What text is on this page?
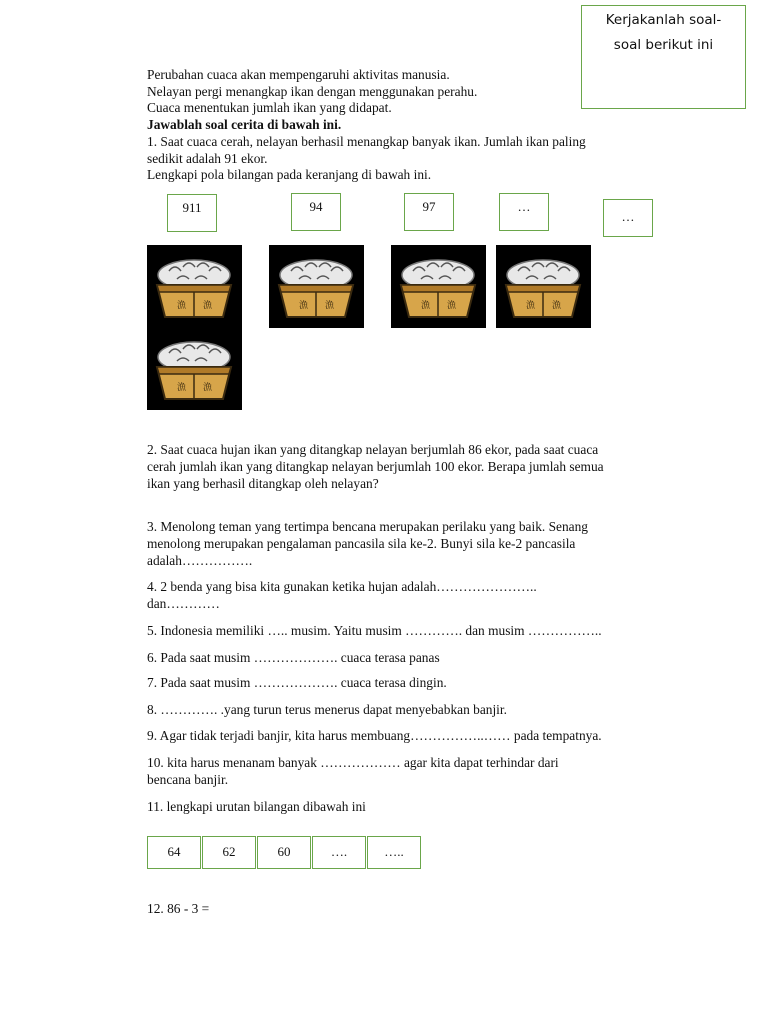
Kerjakanlah soal-
soal berikut ini
Perubahan cuaca akan mempengaruhi aktivitas manusia.
Nelayan pergi menangkap ikan dengan menggunakan perahu.
Cuaca menentukan jumlah ikan yang didapat.
Jawablah soal cerita di bawah ini.
1. Saat cuaca cerah, nelayan berhasil menangkap banyak ikan. Jumlah ikan paling
sedikit adalah 91 ekor.
Lengkapi pola bilangan pada keranjang di bawah ini.
911	94	97	…
…
漁 漁	漁 漁	漁 漁	漁 漁
漁 漁
2. Saat cuaca hujan ikan yang ditangkap nelayan berjumlah 86 ekor, pada saat cuaca
cerah jumlah ikan yang ditangkap nelayan berjumlah 100 ekor. Berapa jumlah semua
ikan yang berhasil ditangkap oleh nelayan?
3. Menolong teman yang tertimpa bencana merupakan perilaku yang baik. Senang
menolong merupakan pengalaman pancasila sila ke-2. Bunyi sila ke-2 pancasila
adalah…………….
4. 2 benda yang bisa kita gunakan ketika hujan adalah…………………..
dan…………
5. Indonesia memiliki ….. musim. Yaitu musim …………. dan musim ……………..
6. Pada saat musim ………………. cuaca terasa panas
7. Pada saat musim ………………. cuaca terasa dingin.
8. …………. .yang turun terus menerus dapat menyebabkan banjir.
9. Agar tidak terjadi banjir, kita harus membuang……………..…… pada tempatnya.
10. kita harus menanam banyak ……………… agar kita dapat terhindar dari
bencana banjir.
11. lengkapi urutan bilangan dibawah ini
64	62	60	….	…..
12. 86 - 3 =
